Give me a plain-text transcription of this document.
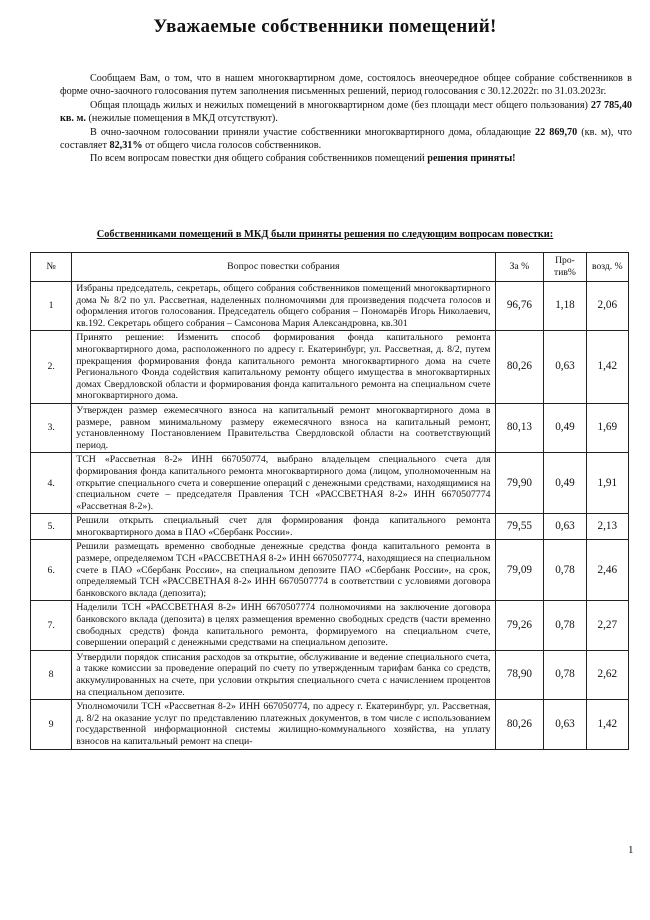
Уважаемые собственники помещений!

Сообщаем Вам, о том, что в нашем многоквартирном доме, состоялось внеочередное общее собрание собственников в форме очно-заочного голосования путем заполнения письменных решений, период голосования с 30.12.2022г. по 31.03.2023г.

Общая площадь жилых и нежилых помещений в многоквартирном доме (без площади мест общего пользования) 27 785,40 кв. м. (нежилые помещения в МКД отсутствуют).

В очно-заочном голосовании приняли участие собственники многоквартирного дома, обладающие 22 869,70 (кв. м), что составляет 82,31% от общего числа голосов собственников.

По всем вопросам повестки дня общего собрания собственников помещений решения приняты!

Собственниками помещений в МКД были приняты решения по следующим вопросам повестки:
№	Вопрос повестки собрания	За %	Про-тив%	возд. %
1	Избраны председатель, секретарь, общего собрания собственников помещений многоквартирного дома № 8/2 по ул. Рассветная, наделенных полномочиями для произведения подсчета голосов и оформления итогов голосования. Председатель общего собрания – Пономарёв Игорь Николаевич, кв.192. Секретарь общего собрания – Самсонова Мария Александровна, кв.301	96,76	1,18	2,06
2.	Принято решение: Изменить способ формирования фонда капитального ремонта многоквартирного дома, расположенного по адресу г. Екатеринбург, ул. Рассветная, д. 8/2, путем прекращения формирования фонда капитального ремонта многоквартирного дома на счете Регионального Фонда содействия капитальному ремонту общего имущества в многоквартирных домах Свердловской области и формирования фонда капитального ремонта на специальном счете многоквартирного дома.	80,26	0,63	1,42
3.	Утвержден размер ежемесячного взноса на капитальный ремонт многоквартирного дома в размере, равном минимальному размеру ежемесячного взноса на капитальный ремонт, установленному Постановлением Правительства Свердловской области на соответствующий период.	80,13	0,49	1,69
4.	ТСН «Рассветная 8-2» ИНН 667050774, выбрано владельцем специального счета для формирования фонда капитального ремонта многоквартирного дома (лицом, уполномоченным на открытие специального счета и совершение операций с денежными средствами, находящимися на специальном счете – председателя Правления ТСН «РАССВЕТНАЯ 8-2» ИНН 6670507774 «Рассветная 8-2»).	79,90	0,49	1,91
5.	Решили открыть специальный счет для формирования фонда капитального ремонта многоквартирного дома в ПАО «Сбербанк России».	79,55	0,63	2,13
6.	Решили размещать временно свободные денежные средства фонда капитального ремонта в размере, определяемом ТСН «РАССВЕТНАЯ 8-2» ИНН 6670507774, находящиеся на специальном счете в ПАО «Сбербанк России», на специальном депозите ПАО «Сбербанк России», на срок, определяемый ТСН «РАССВЕТНАЯ 8-2» ИНН 6670507774 в соответствии с условиями договора банковского вклада (депозита);	79,09	0,78	2,46
7.	Наделили ТСН «РАССВЕТНАЯ 8-2» ИНН 6670507774 полномочиями на заключение договора банковского вклада (депозита) в целях размещения временно свободных средств (части временно свободных средств) фонда капитального ремонта, формируемого на специальном счете, совершении операций с денежными средствами на специальном депозите.	79,26	0,78	2,27
8	Утвердили порядок списания расходов за открытие, обслуживание и ведение специального счета, а также комиссии за проведение операций по счету по утвержденным тарифам банка со средств, аккумулированных на счете, при условии открытия специального счета с начислением процентов на специальном депозите.	78,90	0,78	2,62
9	Уполномочили ТСН «Рассветная 8-2» ИНН 667050774, по адресу г. Екатеринбург, ул. Рассветная, д. 8/2 на оказание услуг по представлению платежных документов, в том числе с использованием государственной информационной системы жилищно-коммунального хозяйства, на уплату взносов на капитальный ремонт на специ-	80,26	0,63	1,42
1
